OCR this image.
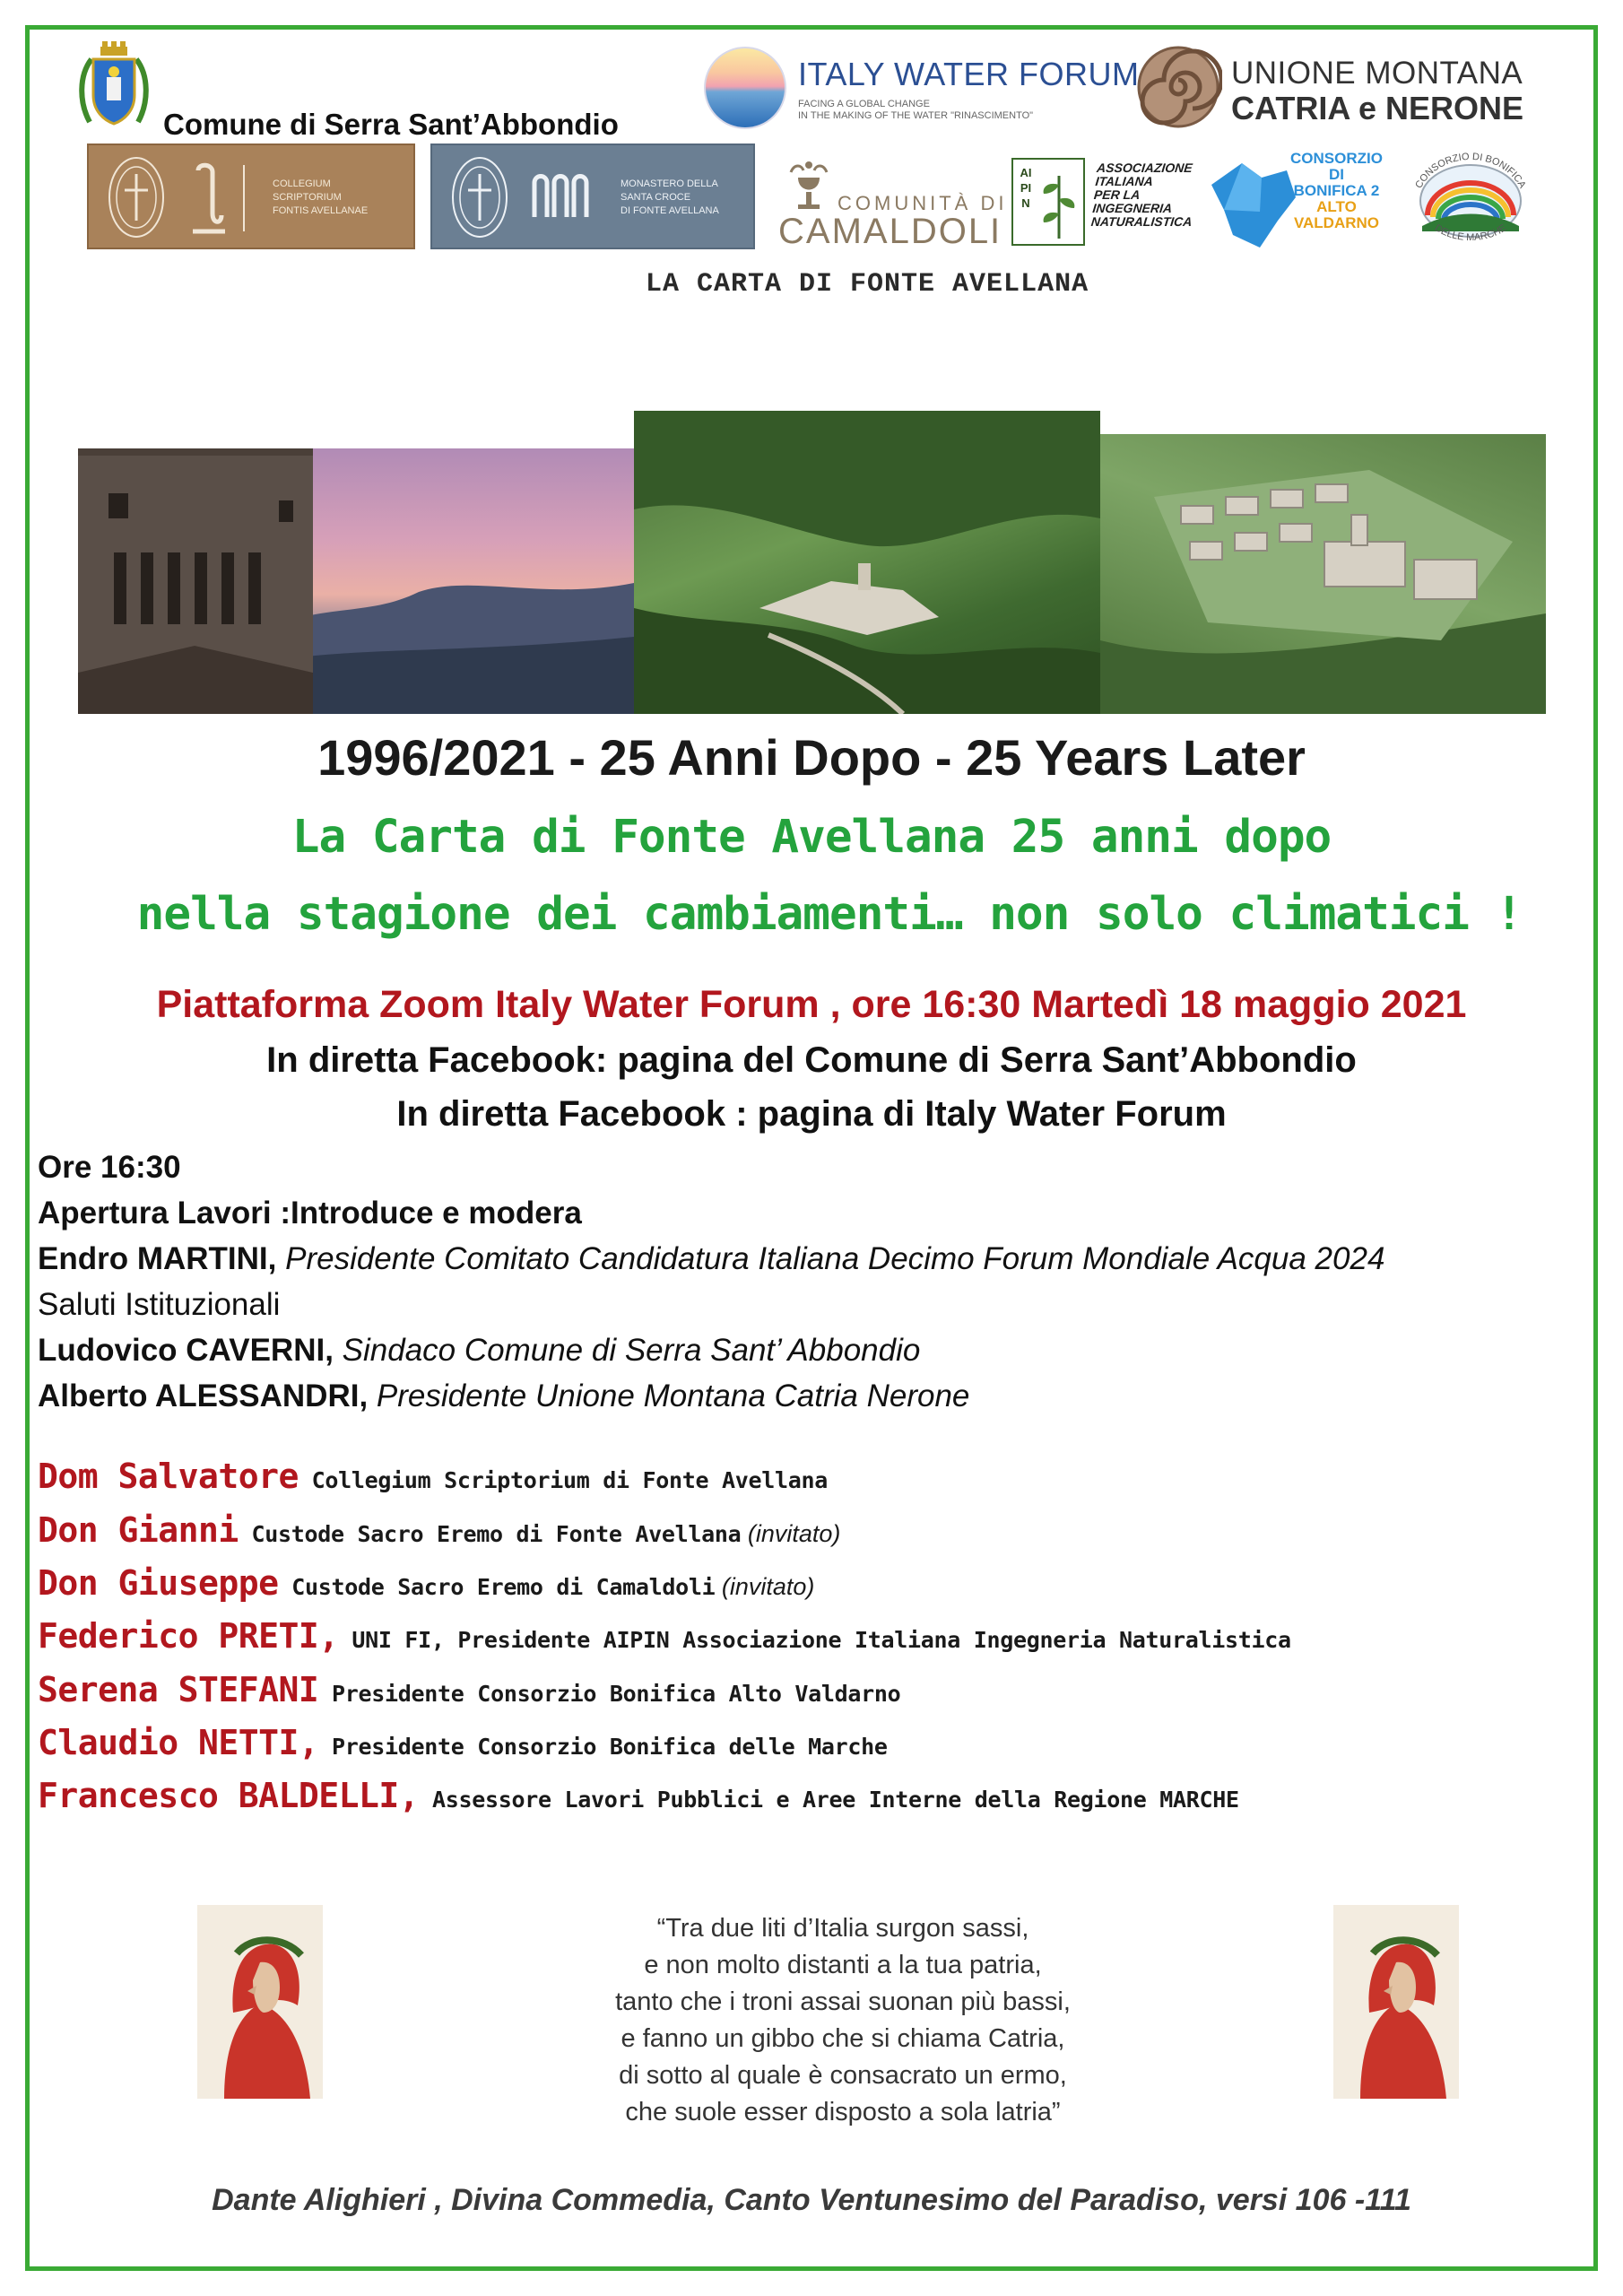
Comune di Serra Sant’Abbondio
ITALY WATER FORUM
FACING A GLOBAL CHANGE
IN THE MAKING OF THE WATER "RINASCIMENTO"
UNIONE MONTANA
CATRIA e NERONE
COLLEGIUM
SCRIPTORIUM
FONTIS AVELLANAE
MONASTERO DELLA
SANTA CROCE
DI FONTE AVELLANA	COMUNITÀ DI
CAMALDOLI
AIPIN
ASSOCIAZIONE
ITALIANA
PER LA
INGEGNERIA
NATURALISTICA
CONSORZIO
DI BONIFICA 2
ALTO
VALDARNO
CONSORZIO DI BONIFICA
DELLE MARCHE
LA CARTA DI FONTE AVELLANA
1996/2021 - 25 Anni Dopo - 25 Years Later
La Carta di Fonte Avellana 25 anni dopo
nella stagione dei cambiamenti… non solo climatici !
Piattaforma Zoom Italy Water Forum , ore 16:30 Martedì 18 maggio 2021
In diretta Facebook: pagina del Comune di Serra Sant’Abbondio
In diretta Facebook : pagina di Italy Water Forum
Ore 16:30
Apertura Lavori :Introduce e modera
Endro MARTINI, Presidente Comitato Candidatura Italiana Decimo Forum Mondiale Acqua 2024
Saluti Istituzionali
Ludovico CAVERNI, Sindaco Comune di Serra Sant’ Abbondio
Alberto ALESSANDRI, Presidente Unione Montana Catria Nerone
Dom Salvatore Collegium Scriptorium di Fonte Avellana
Don Gianni Custode Sacro Eremo di Fonte Avellana (invitato)
Don Giuseppe Custode Sacro Eremo di Camaldoli (invitato)
Federico PRETI, UNI FI, Presidente AIPIN Associazione Italiana Ingegneria Naturalistica
Serena STEFANI Presidente Consorzio Bonifica Alto Valdarno
Claudio NETTI, Presidente Consorzio Bonifica delle Marche
Francesco BALDELLI, Assessore Lavori Pubblici e Aree Interne della Regione MARCHE
“Tra due liti d’Italia surgon sassi,
e non molto distanti a la tua patria,
tanto che i troni assai suonan più bassi,
e fanno un gibbo che si chiama Catria,
di sotto al quale è consacratо un ermo,
che suole esser disposto a sola latria”
Dante Alighieri , Divina Commedia, Canto Ventunesimo del Paradiso, versi 106 -111
